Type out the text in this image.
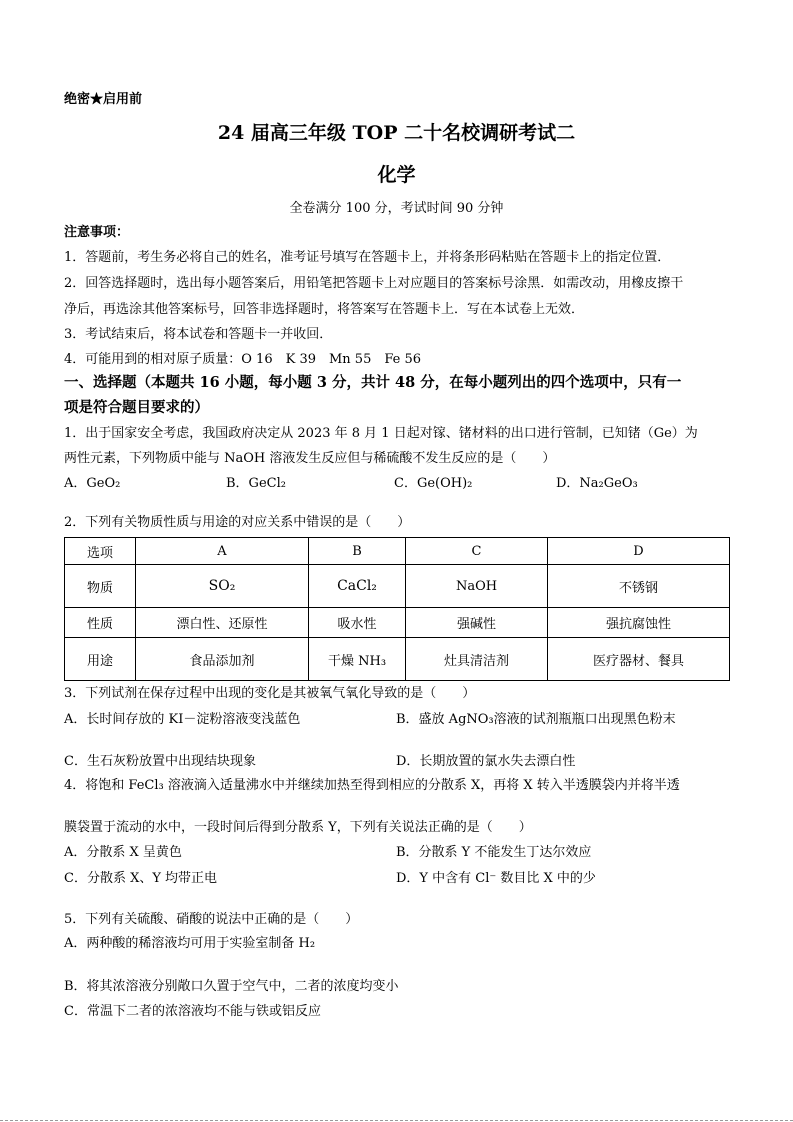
绝密★启用前
24 届高三年级 TOP 二十名校调研考试二
化学
全卷满分 100 分，考试时间 90 分钟
注意事项：
1．答题前，考生务必将自己的姓名，准考证号填写在答题卡上，并将条形码粘贴在答题卡上的指定位置．
2．回答选择题时，选出每小题答案后，用铅笔把答题卡上对应题目的答案标号涂黑．如需改动，用橡皮擦干
净后，再选涂其他答案标号，回答非选择题时，将答案写在答题卡上．写在本试卷上无效．
3．考试结束后，将本试卷和答题卡一并收回．
4．可能用到的相对原子质量：O 16　K 39　Mn 55　Fe 56
一、选择题（本题共 16 小题，每小题 3 分，共计 48 分，在每小题列出的四个选项中，只有一
项是符合题目要求的）
1．出于国家安全考虑，我国政府决定从 2023 年 8 月 1 日起对镓、锗材料的出口进行管制，已知锗（Ge）为
两性元素，下列物质中能与 NaOH 溶液发生反应但与稀硫酸不发生反应的是（　　）
A．GeO₂	B．GeCl₂	C．Ge(OH)₂	D．Na₂GeO₃
2．下列有关物质性质与用途的对应关系中错误的是（　　）
选项	A	B	C	D
物质	SO₂	CaCl₂	NaOH	不锈钢
性质	漂白性、还原性	吸水性	强碱性	强抗腐蚀性
用途	食品添加剂	干燥 NH₃	灶具清洁剂	医疗器材、餐具
3．下列试剂在保存过程中出现的变化是其被氧气氧化导致的是（　　）
A．长时间存放的 KI－淀粉溶液变浅蓝色	B．盛放 AgNO₃溶液的试剂瓶瓶口出现黑色粉末
C．生石灰粉放置中出现结块现象	D．长期放置的氯水失去漂白性
4．将饱和 FeCl₃ 溶液滴入适量沸水中并继续加热至得到相应的分散系 X，再将 X 转入半透膜袋内并将半透
膜袋置于流动的水中，一段时间后得到分散系 Y，下列有关说法正确的是（　　）
A．分散系 X 呈黄色	B．分散系 Y 不能发生丁达尔效应
C．分散系 X、Y 均带正电	D．Y 中含有 Cl⁻ 数目比 X 中的少
5．下列有关硫酸、硝酸的说法中正确的是（　　）
A．两种酸的稀溶液均可用于实验室制备 H₂
B．将其浓溶液分别敞口久置于空气中，二者的浓度均变小
C．常温下二者的浓溶液均不能与铁或铝反应
